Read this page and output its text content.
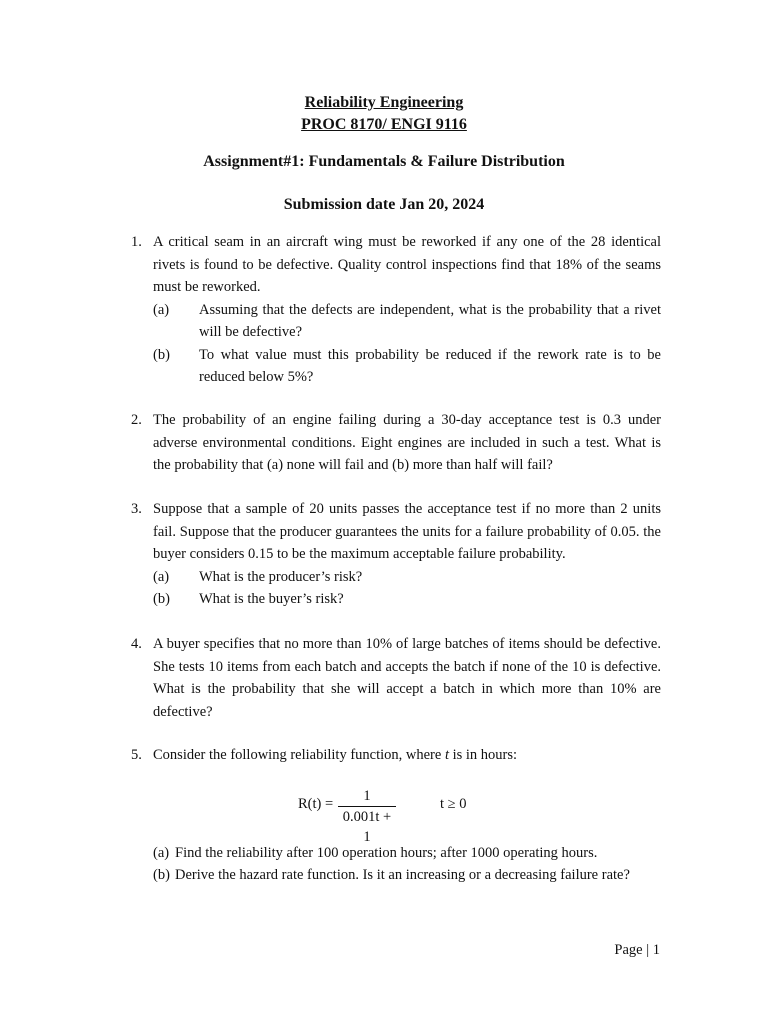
Reliability Engineering
PROC 8170/ ENGI 9116
Assignment#1: Fundamentals & Failure Distribution
Submission date Jan 20, 2024
1. A critical seam in an aircraft wing must be reworked if any one of the 28 identical rivets is found to be defective. Quality control inspections find that 18% of the seams must be reworked.
(a)	Assuming that the defects are independent, what is the probability that a rivet will be defective?
(b)	To what value must this probability be reduced if the rework rate is to be reduced below 5%?
2. The probability of an engine failing during a 30-day acceptance test is 0.3 under adverse environmental conditions. Eight engines are included in such a test. What is the probability that (a) none will fail and (b) more than half will fail?
3. Suppose that a sample of 20 units passes the acceptance test if no more than 2 units fail. Suppose that the producer guarantees the units for a failure probability of 0.05. the buyer considers 0.15 to be the maximum acceptable failure probability.
(a)	What is the producer’s risk?
(b)	What is the buyer’s risk?
4. A buyer specifies that no more than 10% of large batches of items should be defective. She tests 10 items from each batch and accepts the batch if none of the 10 is defective. What is the probability that she will accept a batch in which more than 10% are defective?
5. Consider the following reliability function, where t is in hours:
R(t) =	1
0.001t + 1
t ≥ 0
(a) Find the reliability after 100 operation hours; after 1000 operating hours.
(b) Derive the hazard rate function. Is it an increasing or a decreasing failure rate?
Page | 1
